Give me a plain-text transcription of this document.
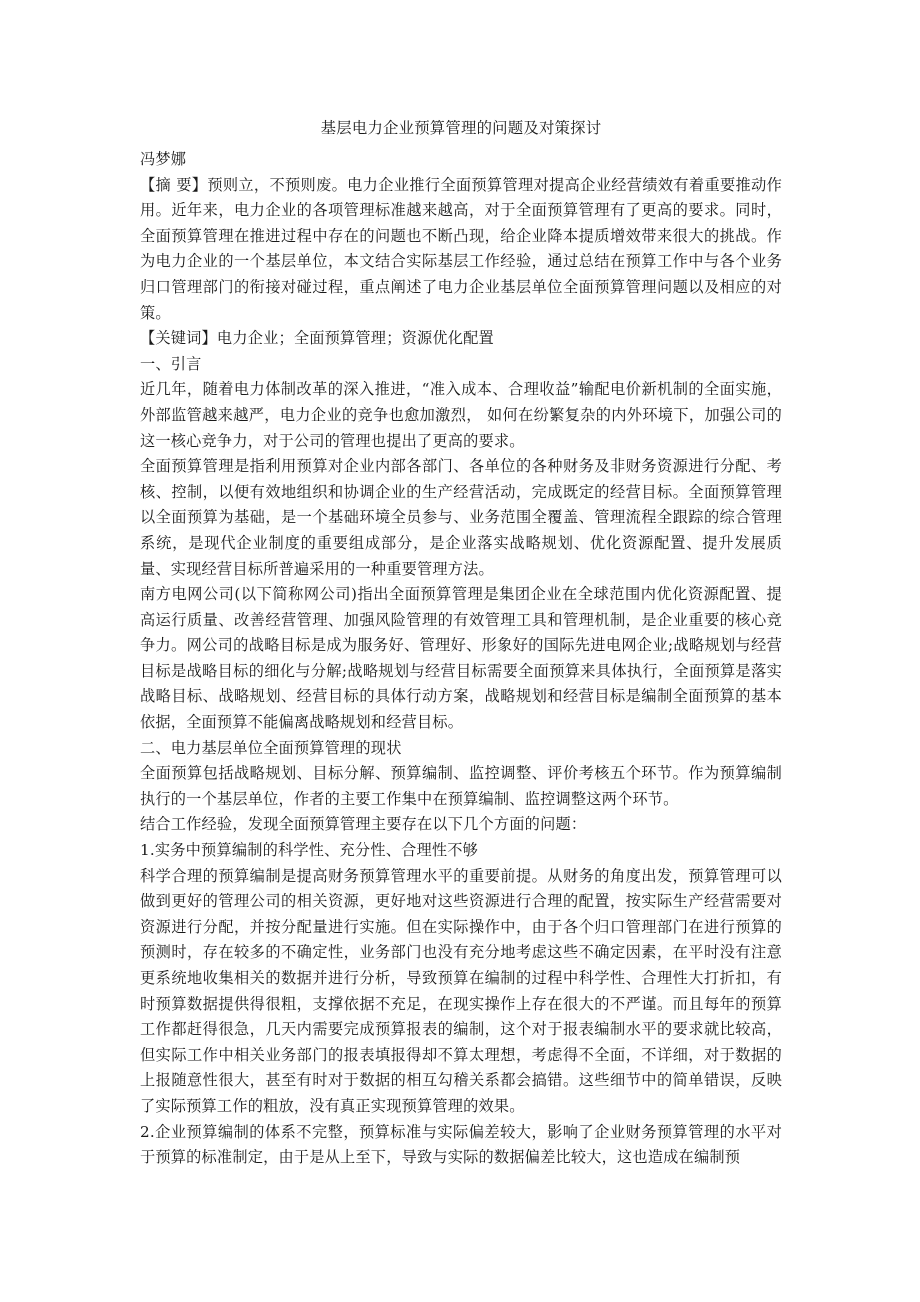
基层电力企业预算管理的问题及对策探讨

冯梦娜

【摘 要】预则立，不预则废。电力企业推行全面预算管理对提高企业经营绩效有着重要推动作用。近年来，电力企业的各项管理标准越来越高，对于全面预算管理有了更高的要求。同时，全面预算管理在推进过程中存在的问题也不断凸现，给企业降本提质增效带来很大的挑战。作为电力企业的一个基层单位，本文结合实际基层工作经验，通过总结在预算工作中与各个业务归口管理部门的衔接对碰过程，重点阐述了电力企业基层单位全面预算管理问题以及相应的对策。

【关键词】电力企业；全面预算管理；资源优化配置

一、引言

近几年，随着电力体制改革的深入推进，“准入成本、合理收益”输配电价新机制的全面实施，外部监管越来越严，电力企业的竞争也愈加激烈， 如何在纷繁复杂的内外环境下，加强公司的这一核心竞争力，对于公司的管理也提出了更高的要求。

全面预算管理是指利用预算对企业内部各部门、各单位的各种财务及非财务资源进行分配、考核、控制，以便有效地组织和协调企业的生产经营活动，完成既定的经营目标。全面预算管理以全面预算为基础，是一个基础环境全员参与、业务范围全覆盖、管理流程全跟踪的综合管理系统，是现代企业制度的重要组成部分，是企业落实战略规划、优化资源配置、提升发展质量、实现经营目标所普遍采用的一种重要管理方法。

南方电网公司(以下简称网公司)指出全面预算管理是集团企业在全球范围内优化资源配置、提高运行质量、改善经营管理、加强风险管理的有效管理工具和管理机制，是企业重要的核心竞争力。网公司的战略目标是成为服务好、管理好、形象好的国际先进电网企业;战略规划与经营目标是战略目标的细化与分解;战略规划与经营目标需要全面预算来具体执行，全面预算是落实战略目标、战略规划、经营目标的具体行动方案，战略规划和经营目标是编制全面预算的基本依据，全面预算不能偏离战略规划和经营目标。

二、电力基层单位全面预算管理的现状

全面预算包括战略规划、目标分解、预算编制、监控调整、评价考核五个环节。作为预算编制执行的一个基层单位，作者的主要工作集中在预算编制、监控调整这两个环节。

结合工作经验，发现全面预算管理主要存在以下几个方面的问题：

1.实务中预算编制的科学性、充分性、合理性不够

科学合理的预算编制是提高财务预算管理水平的重要前提。从财务的角度出发，预算管理可以做到更好的管理公司的相关资源，更好地对这些资源进行合理的配置，按实际生产经营需要对资源进行分配，并按分配量进行实施。但在实际操作中，由于各个归口管理部门在进行预算的预测时，存在较多的不确定性，业务部门也没有充分地考虑这些不确定因素，在平时没有注意更系统地收集相关的数据并进行分析，导致预算在编制的过程中科学性、合理性大打折扣，有时预算数据提供得很粗，支撑依据不充足，在现实操作上存在很大的不严谨。而且每年的预算工作都赶得很急，几天内需要完成预算报表的编制，这个对于报表编制水平的要求就比较高，但实际工作中相关业务部门的报表填报得却不算太理想，考虑得不全面，不详细，对于数据的上报随意性很大，甚至有时对于数据的相互勾稽关系都会搞错。这些细节中的简单错误，反映了实际预算工作的粗放，没有真正实现预算管理的效果。

2.企业预算编制的体系不完整，预算标准与实际偏差较大，影响了企业财务预算管理的水平对于预算的标准制定，由于是从上至下，导致与实际的数据偏差比较大，这也造成在编制预
